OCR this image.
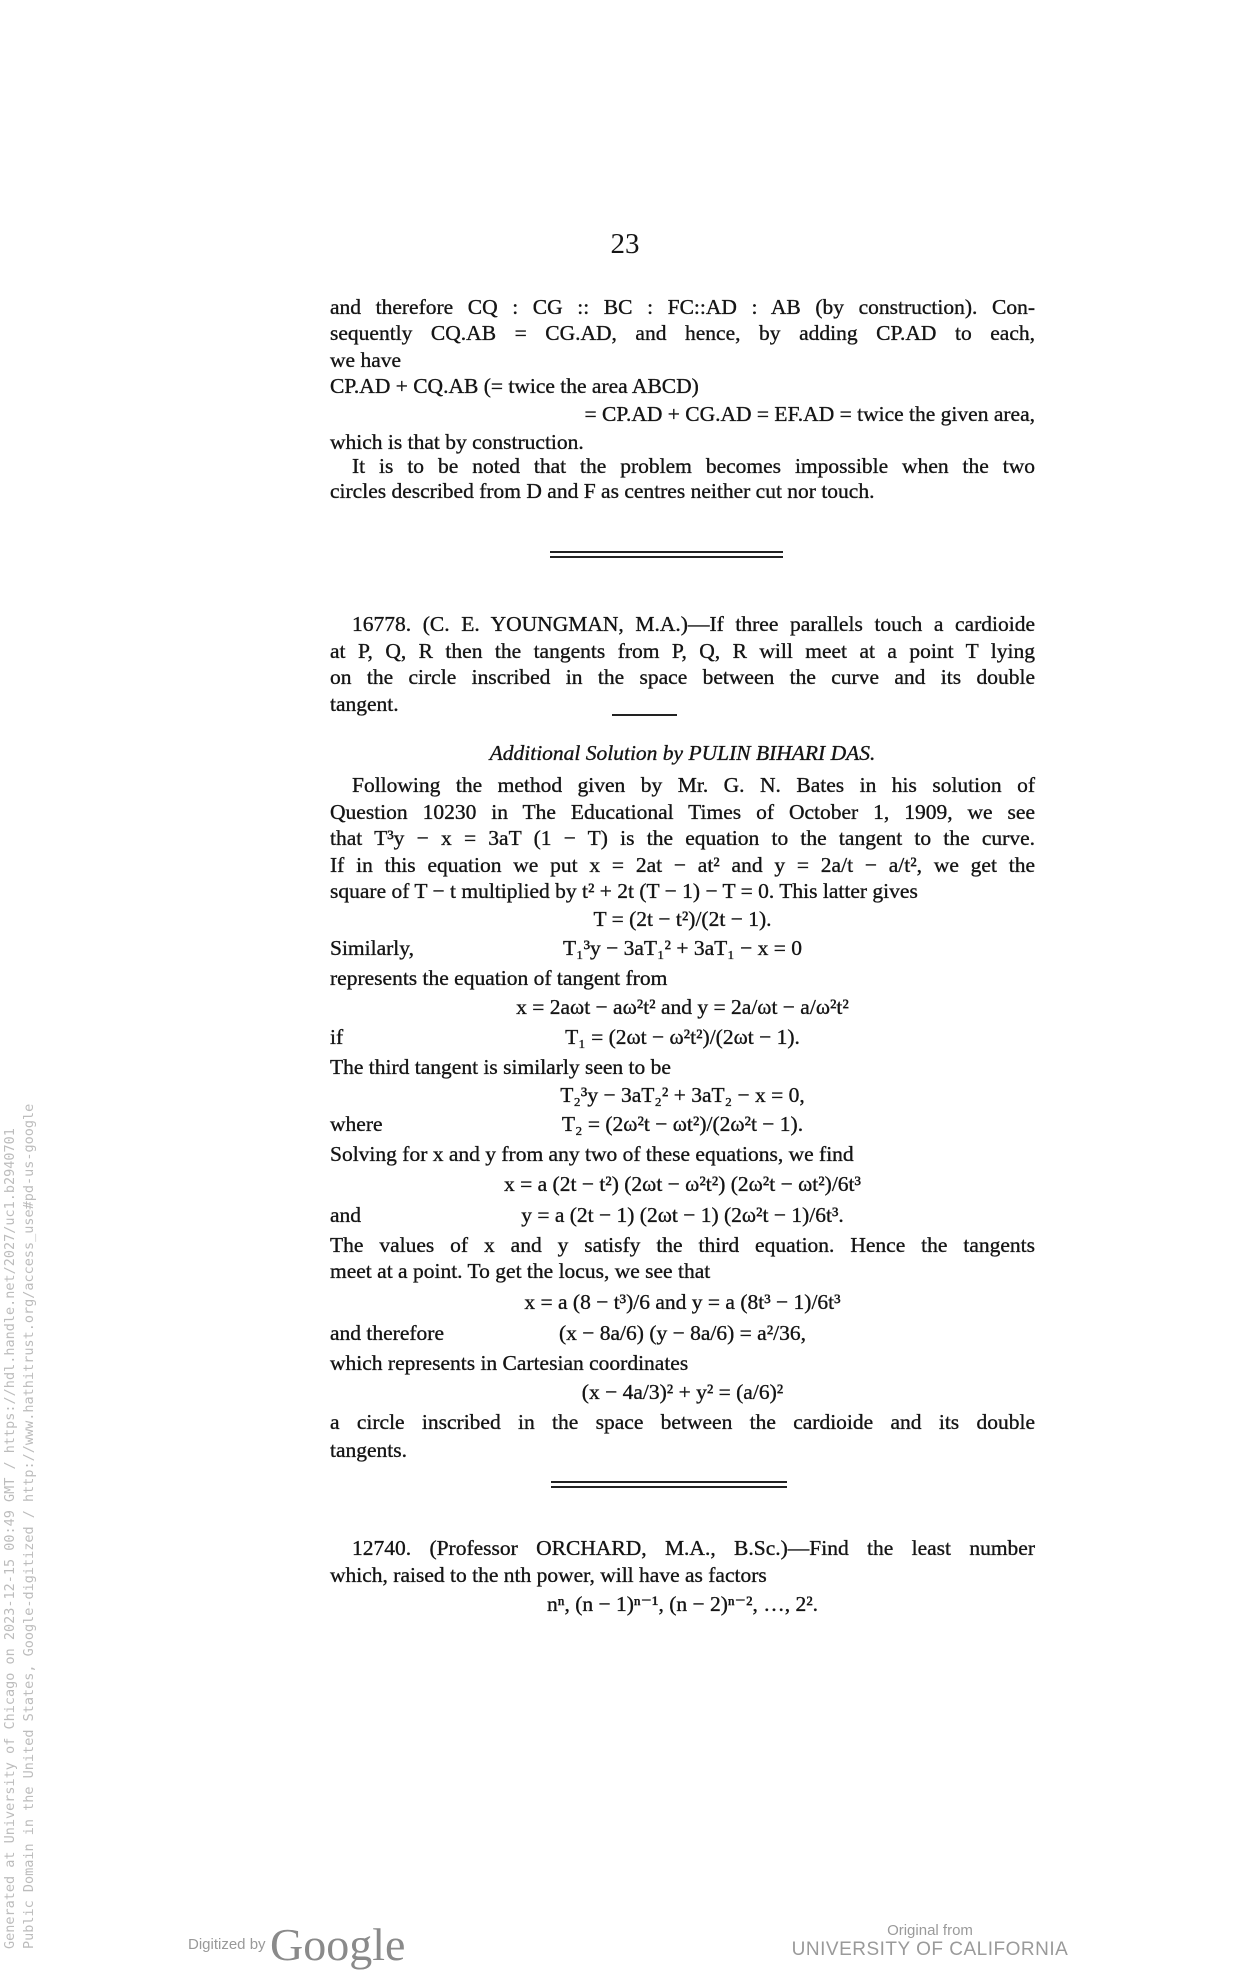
23
and therefore CQ : CG :: BC : FC::AD : AB (by construction). Con-
sequently CQ.AB = CG.AD, and hence, by adding CP.AD to each,
we have
CP.AD + CQ.AB (= twice the area ABCD)
= CP.AD + CG.AD = EF.AD = twice the given area,
which is that by construction.
It is to be noted that the problem becomes impossible when the two
circles described from D and F as centres neither cut nor touch.
16778. (C. E. YOUNGMAN, M.A.)—If three parallels touch a cardioide
at P, Q, R then the tangents from P, Q, R will meet at a point T lying
on the circle inscribed in the space between the curve and its double
tangent.
Additional Solution by PULIN BIHARI DAS.
Following the method given by Mr. G. N. Bates in his solution of
Question 10230 in The Educational Times of October 1, 1909, we see
that T³y − x = 3aT (1 − T) is the equation to the tangent to the curve.
If in this equation we put x = 2at − at² and y = 2a/t − a/t², we get the
square of T − t multiplied by t² + 2t (T − 1) − T = 0. This latter gives
T = (2t − t²)/(2t − 1).
Similarly,	T₁³y − 3aT₁² + 3aT₁ − x = 0
represents the equation of tangent from
x = 2aωt − aω²t² and y = 2a/ωt − a/ω²t²
if	T₁ = (2ωt − ω²t²)/(2ωt − 1).
The third tangent is similarly seen to be
T₂³y − 3aT₂² + 3aT₂ − x = 0,
where	T₂ = (2ω²t − ωt²)/(2ω²t − 1).
Solving for x and y from any two of these equations, we find
x = a (2t − t²) (2ωt − ω²t²) (2ω²t − ωt²)/6t³
and	y = a (2t − 1) (2ωt − 1) (2ω²t − 1)/6t³.
The values of x and y satisfy the third equation. Hence the tangents
meet at a point. To get the locus, we see that
x = a (8 − t³)/6 and y = a (8t³ − 1)/6t³
and therefore	(x − 8a/6) (y − 8a/6) = a²/36,
which represents in Cartesian coordinates
(x − 4a/3)² + y² = (a/6)²
a circle inscribed in the space between the cardioide and its double
tangents.
12740. (Professor ORCHARD, M.A., B.Sc.)—Find the least number
which, raised to the nth power, will have as factors
nⁿ, (n − 1)ⁿ⁻¹, (n − 2)ⁿ⁻², …, 2².
Generated at University of Chicago on 2023-12-15 00:49 GMT / https://hdl.handle.net/2027/uc1.b2940701 Public Domain in the United States, Google-digitized / http://www.hathitrust.org/access_use#pd-us-google	Digitized by Google	Original from
UNIVERSITY OF CALIFORNIA
